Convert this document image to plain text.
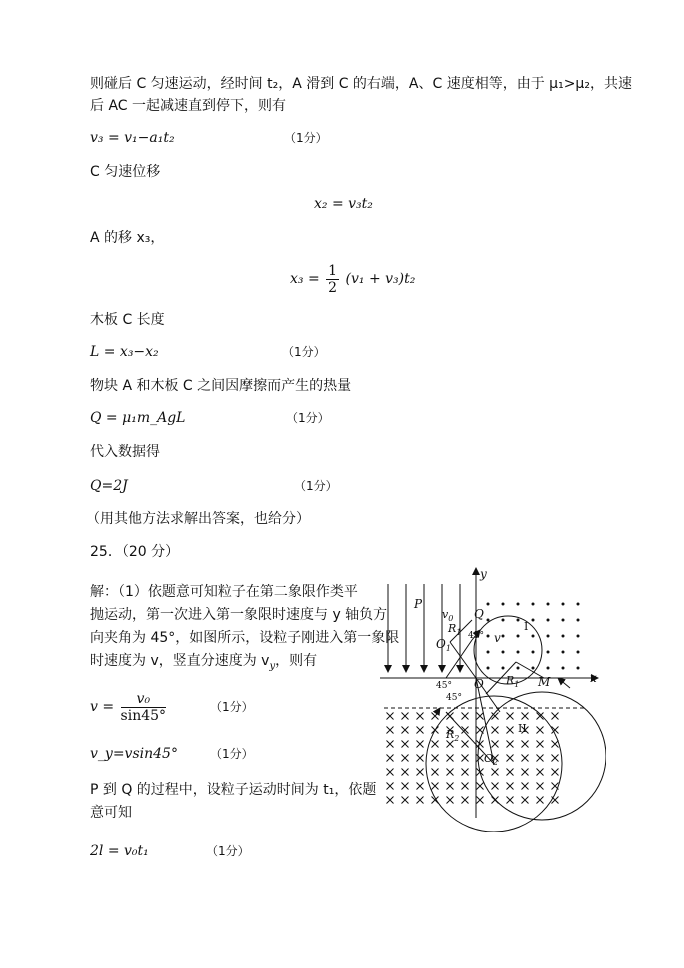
则碰后 C 匀速运动，经时间 t₂，A 滑到 C 的右端，A、C 速度相等，由于 μ₁>μ₂，共速
后 AC 一起减速直到停下，则有
v₃ = v₁−a₁t₂	（1分）
C 匀速位移
x₂ = v₃t₂
A 的移 x₃，
$x_3 = \frac{1}{2} (v_1 + v_3)t_2$
木板 C 长度
L = x₃−x₂	（1分）
物块 A 和木板 C 之间因摩擦而产生的热量
Q = μ₁m_AgL	（1分）
代入数据得
Q=2J	（1分）
（用其他方法求解出答案，也给分）
25．（20 分）
解：（1）依题意可知粒子在第二象限作类平
抛运动，第一次进入第一象限时速度与 y 轴负方
向夹角为 45°，如图所示，设粒子刚进入第一象限
时速度为 v，竖直分速度为 $v_y$，则有
$v = \frac{\text{v₀}}{\sin 45^\circ}$	（1分）
v_y=vsin45°	（1分）
P 到 Q 的过程中，设粒子运动时间为 t₁，依题
意可知
2l = v₀t₁	（1分）
y
x
P
$v_0$ Q
$R_1$
$O_1$
45° v
I
45° O
45°
$R_1$ M
$R_2$
$O_2$
II
